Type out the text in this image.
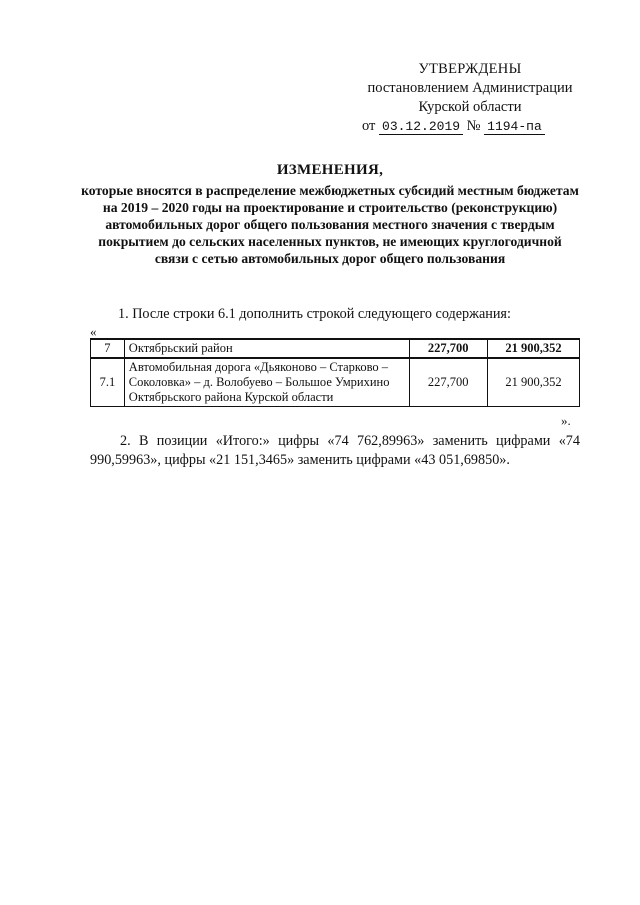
УТВЕРЖДЕНЫ
постановлением Администрации
Курской области
от 03.12.2019 № 1194-па
ИЗМЕНЕНИЯ,
которые вносятся в распределение межбюджетных субсидий местным бюджетам на 2019 – 2020 годы на проектирование и строительство (реконструкцию) автомобильных дорог общего пользования местного значения с твердым покрытием до сельских населенных пунктов, не имеющих круглогодичной связи с сетью автомобильных дорог общего пользования
1. После строки 6.1 дополнить строкой следующего содержания:
«
7	Октябрьский район	227,700	21 900,352
7.1	Автомобильная дорога «Дьяконово – Старково – Соколовка» – д. Волобуево – Большое Умрихино Октябрьского района Курской области	227,700	21 900,352
».
2. В позиции «Итого:» цифры «74 762,89963» заменить цифрами «74 990,59963», цифры «21 151,3465» заменить цифрами «43 051,69850».
